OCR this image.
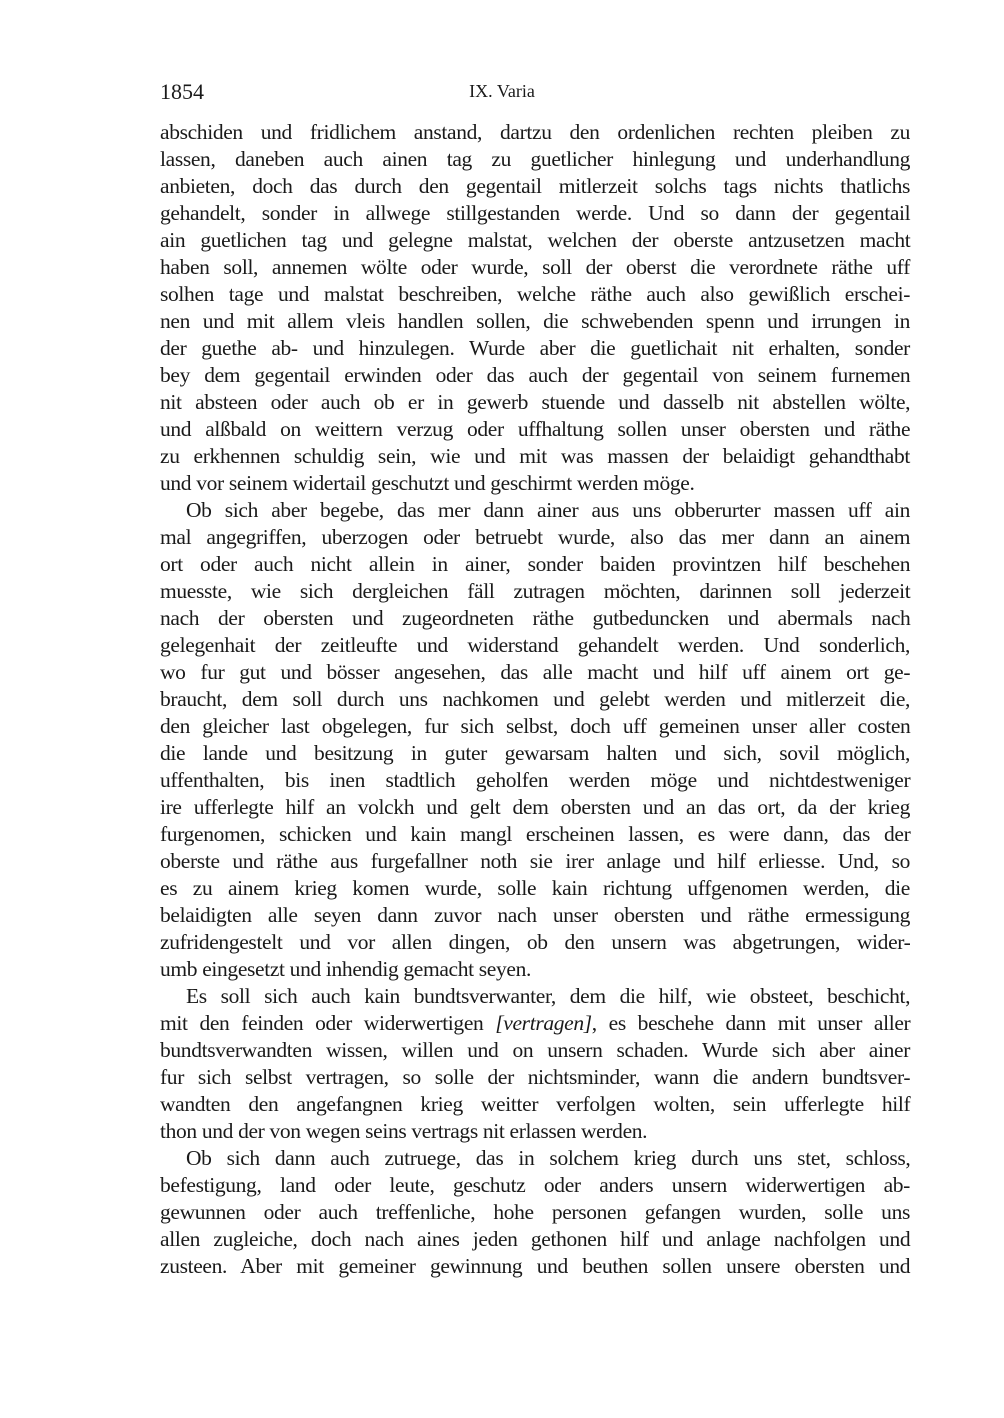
1854	IX. Varia
abschiden und fridlichem anstand, dartzu den ordenlichen rechten pleiben zu
lassen, daneben auch ainen tag zu guetlicher hinlegung und underhandlung
anbieten, doch das durch den gegentail mitlerzeit solchs tags nichts thatlichs
gehandelt, sonder in allwege stillgestanden werde. Und so dann der gegentail
ain guetlichen tag und gelegne malstat, welchen der oberste antzusetzen macht
haben soll, annemen wölte oder wurde, soll der oberst die verordnete räthe uff
solhen tage und malstat beschreiben, welche räthe auch also gewißlich erschei-
nen und mit allem vleis handlen sollen, die schwebenden spenn und irrungen in
der guethe ab- und hinzulegen. Wurde aber die guetlichait nit erhalten, sonder
bey dem gegentail erwinden oder das auch der gegentail von seinem furnemen
nit absteen oder auch ob er in gewerb stuende und dasselb nit abstellen wölte,
und alßbald on weittern verzug oder uffhaltung sollen unser obersten und räthe
zu erkhennen schuldig sein, wie und mit was massen der belaidigt gehandthabt
und vor seinem widertail geschutzt und geschirmt werden möge.
Ob sich aber begebe, das mer dann ainer aus uns obberurter massen uff ain
mal angegriffen, uberzogen oder betruebt wurde, also das mer dann an ainem
ort oder auch nicht allein in ainer, sonder baiden provintzen hilf beschehen
muesste, wie sich dergleichen fäll zutragen möchten, darinnen soll jederzeit
nach der obersten und zugeordneten räthe gutbeduncken und abermals nach
gelegenhait der zeitleufte und widerstand gehandelt werden. Und sonderlich,
wo fur gut und bösser angesehen, das alle macht und hilf uff ainem ort ge-
braucht, dem soll durch uns nachkomen und gelebt werden und mitlerzeit die,
den gleicher last obgelegen, fur sich selbst, doch uff gemeinen unser aller costen
die lande und besitzung in guter gewarsam halten und sich, sovil möglich,
uffenthalten, bis inen stadtlich geholfen werden möge und nichtdestweniger
ire ufferlegte hilf an volckh und gelt dem obersten und an das ort, da der krieg
furgenomen, schicken und kain mangl erscheinen lassen, es were dann, das der
oberste und räthe aus furgefallner noth sie irer anlage und hilf erliesse. Und, so
es zu ainem krieg komen wurde, solle kain richtung uffgenomen werden, die
belaidigten alle seyen dann zuvor nach unser obersten und räthe ermessigung
zufridengestelt und vor allen dingen, ob den unsern was abgetrungen, wider-
umb eingesetzt und inhendig gemacht seyen.
Es soll sich auch kain bundtsverwanter, dem die hilf, wie obsteet, beschicht,
mit den feinden oder widerwertigen [vertragen], es beschehe dann mit unser aller
bundtsverwandten wissen, willen und on unsern schaden. Wurde sich aber ainer
fur sich selbst vertragen, so solle der nichtsminder, wann die andern bundtsver-
wandten den angefangnen krieg weitter verfolgen wolten, sein ufferlegte hilf
thon und der von wegen seins vertrags nit erlassen werden.
Ob sich dann auch zutruege, das in solchem krieg durch uns stet, schloss,
befestigung, land oder leute, geschutz oder anders unsern widerwertigen ab-
gewunnen oder auch treffenliche, hohe personen gefangen wurden, solle uns
allen zugleiche, doch nach aines jeden gethonen hilf und anlage nachfolgen und
zusteen. Aber mit gemeiner gewinnung und beuthen sollen unsere obersten und
